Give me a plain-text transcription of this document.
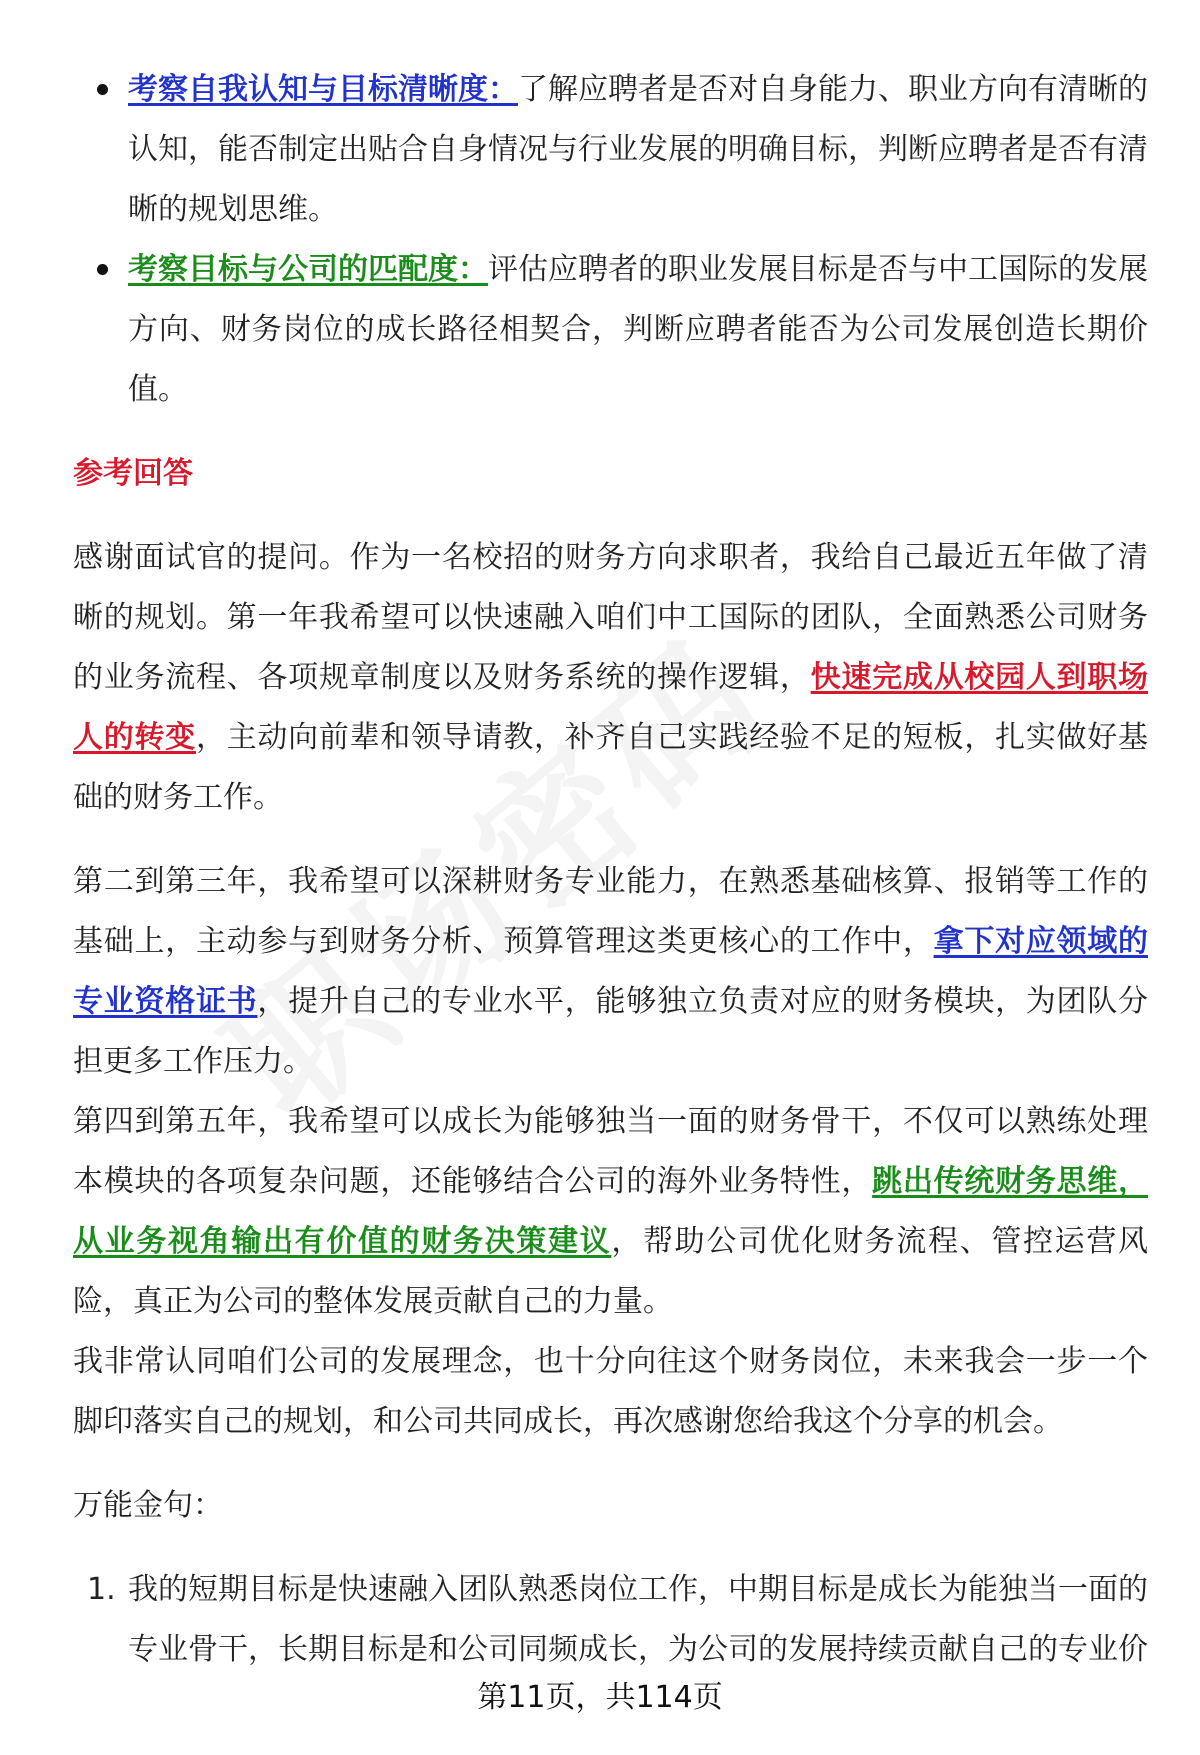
考察自我认知与目标清晰度：了解应聘者是否对自身能力、职业方向有清晰的认知，能否制定出贴合自身情况与行业发展的明确目标，判断应聘者是否有清晰的规划思维。
考察目标与公司的匹配度：评估应聘者的职业发展目标是否与中工国际的发展方向、财务岗位的成长路径相契合，判断应聘者能否为公司发展创造长期价值。

参考回答

感谢面试官的提问。作为一名校招的财务方向求职者，我给自己最近五年做了清晰的规划。第一年我希望可以快速融入咱们中工国际的团队，全面熟悉公司财务的业务流程、各项规章制度以及财务系统的操作逻辑，快速完成从校园人到职场人的转变，主动向前辈和领导请教，补齐自己实践经验不足的短板，扎实做好基础的财务工作。

第二到第三年，我希望可以深耕财务专业能力，在熟悉基础核算、报销等工作的基础上，主动参与到财务分析、预算管理这类更核心的工作中，拿下对应领域的专业资格证书，提升自己的专业水平，能够独立负责对应的财务模块，为团队分担更多工作压力。

第四到第五年，我希望可以成长为能够独当一面的财务骨干，不仅可以熟练处理本模块的各项复杂问题，还能够结合公司的海外业务特性，跳出传统财务思维，从业务视角输出有价值的财务决策建议，帮助公司优化财务流程、管控运营风险，真正为公司的整体发展贡献自己的力量。

我非常认同咱们公司的发展理念，也十分向往这个财务岗位，未来我会一步一个脚印落实自己的规划，和公司共同成长，再次感谢您给我这个分享的机会。

万能金句：

1. 我的短期目标是快速融入团队熟悉岗位工作，中期目标是成长为能独当一面的专业骨干，长期目标是和公司同频成长，为公司的发展持续贡献自己的专业价
第11页，共114页
